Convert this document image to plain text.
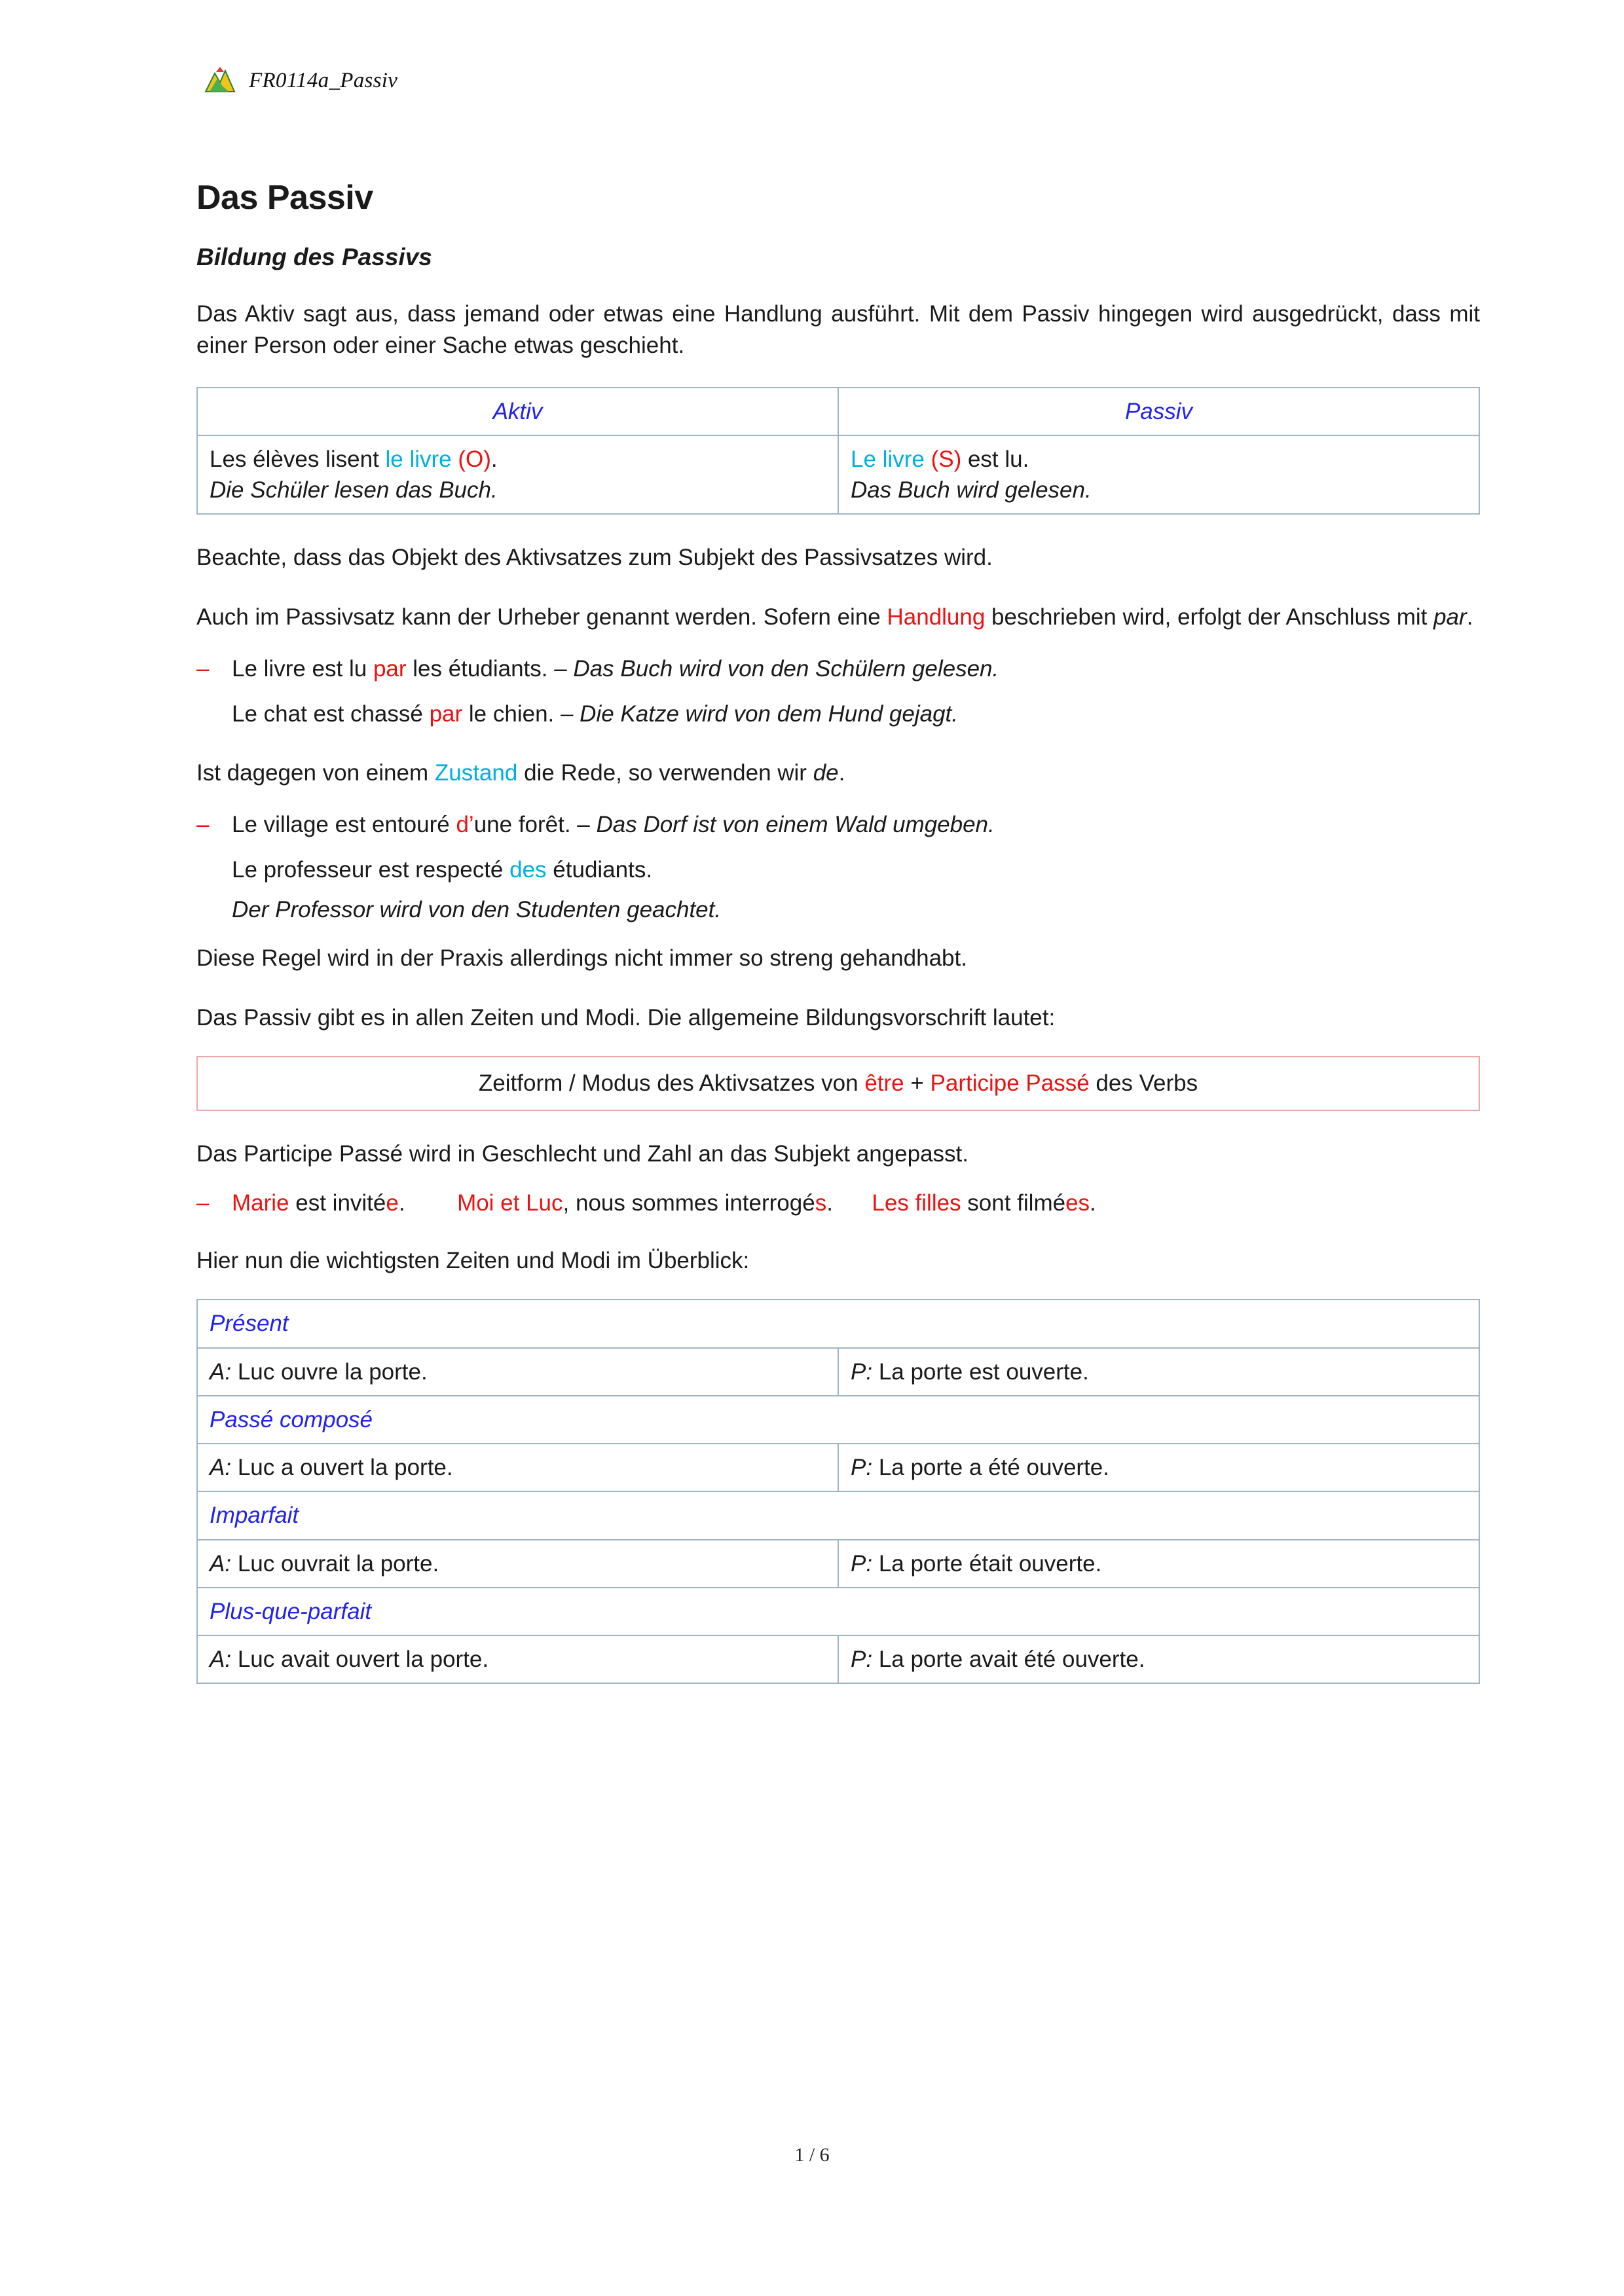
FR0114a_Passiv
Das Passiv
Bildung des Passivs

Das Aktiv sagt aus, dass jemand oder etwas eine Handlung ausführt. Mit dem Passiv hingegen wird ausgedrückt, dass mit einer Person oder einer Sache etwas geschieht.

Aktiv	Passiv

Les élèves lisent le livre (O).
Die Schüler lesen das Buch.

Le livre (S) est lu.
Das Buch wird gelesen.

Beachte, dass das Objekt des Aktivsatzes zum Subjekt des Passivsatzes wird.

Auch im Passivsatz kann der Urheber genannt werden. Sofern eine Handlung beschrieben wird, erfolgt der Anschluss mit par.

– Le livre est lu par les étudiants. – Das Buch wird von den Schülern gelesen.
Le chat est chassé par le chien. – Die Katze wird von dem Hund gejagt.

Ist dagegen von einem Zustand die Rede, so verwenden wir de.

– Le village est entouré d’une forêt. – Das Dorf ist von einem Wald umgeben.
Le professeur est respecté des étudiants.
Der Professor wird von den Studenten geachtet.

Diese Regel wird in der Praxis allerdings nicht immer so streng gehandhabt.

Das Passiv gibt es in allen Zeiten und Modi. Die allgemeine Bildungsvorschrift lautet:

Zeitform / Modus des Aktivsatzes von être + Participe Passé des Verbs

Das Participe Passé wird in Geschlecht und Zahl an das Subjekt angepasst.

– Marie est invitée. Moi et Luc, nous sommes interrogés. Les filles sont filmées.

Hier nun die wichtigsten Zeiten und Modi im Überblick:

Présent	
A: Luc ouvre la porte.	P: La porte est ouverte.
Passé composé	
A: Luc a ouvert la porte.	P: La porte a été ouverte.
Imparfait	
A: Luc ouvrait la porte.	P: La porte était ouverte.
Plus-que-parfait	
A: Luc avait ouvert la porte.	P: La porte avait été ouverte.
1 / 6
